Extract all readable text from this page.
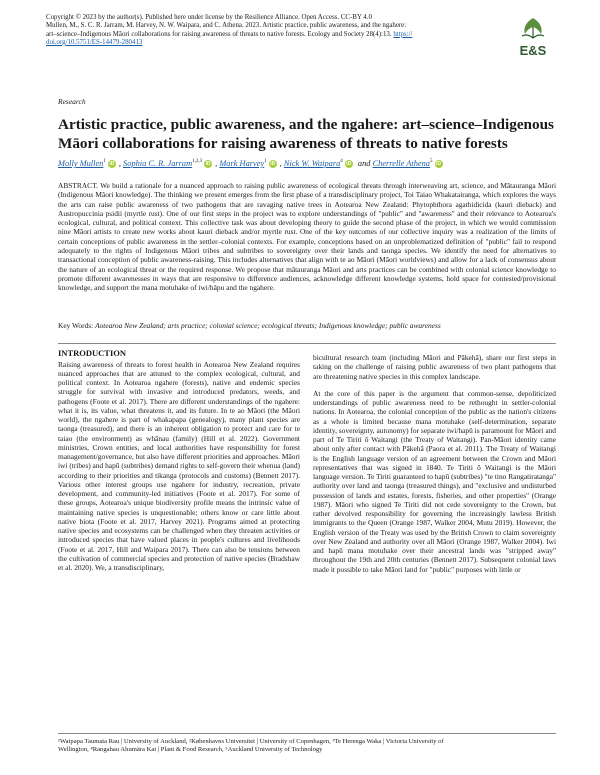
Copyright © 2023 by the author(s). Published here under license by the Resilience Alliance. Open Access. CC-BY 4.0
Mullen, M., S. C. R. Jarram, M. Harvey, N. W. Waipara, and C. Athena. 2023. Artistic practice, public awareness, and the ngahere:
art–science–Indigenous Māori collaborations for raising awareness of threats to native forests. Ecology and Society 28(4):13. https://
doi.org/10.5751/ES-14479-280413
E&S
Research
Artistic practice, public awareness, and the ngahere: art–science–Indigenous Māori collaborations for raising awareness of threats to native forests
Molly Mullen$^1$ iD , Sophia C. R. Jarram$^{1,2,3}$ iD , Mark Harvey$^1$ iD , Nick W. Waipara$^4$ iD and Cherrelle Athena$^5$ iD
ABSTRACT. We build a rationale for a nuanced approach to raising public awareness of ecological threats through interweaving art, science, and Mātauranga Māori (Indigenous Māori knowledge). The thinking we present emerges from the first phase of a transdisciplinary project, Toi Taiao Whakatairanga, which explores the ways the arts can raise public awareness of two pathogens that are ravaging native trees in Aotearoa New Zealand: Phytophthora agathidicida (kauri dieback) and Austropuccinia psidii (myrtle rust). One of our first steps in the project was to explore understandings of "public" and "awareness" and their relevance to Aotearoa's ecological, cultural, and political context. This collective task was about developing theory to guide the second phase of the project, in which we would commission nine Māori artists to create new works about kauri dieback and/or myrtle rust. One of the key outcomes of our collective inquiry was a realization of the limits of certain conceptions of public awareness in the settler–colonial contexts. For example, conceptions based on an unproblematized definition of "public" fail to respond adequately to the rights of Indigenous Māori tribes and subtribes to sovereignty over their lands and taonga species. We identify the need for alternatives to transactional conception of public awareness-raising. This includes alternatives that align with te ao Māori (Māori worldviews) and allow for a lack of consensus about the nature of an ecological threat or the required response. We propose that mātauranga Māori and arts practices can be combined with colonial science knowledge to promote different awarenesses in ways that are responsive to difference audiences, acknowledge different knowledge systems, hold space for contested/provisional knowledge, and support the mana motuhake of iwi/hāpu and the ngahere.
Key Words: Aotearoa New Zealand; arts practice; colonial science; ecological threats; Indigenous knowledge; public awareness
INTRODUCTION

Raising awareness of threats to forest health in Aotearoa New Zealand requires nuanced approaches that are attuned to the complex ecological, cultural, and political context. In Aotearoa ngahere (forests), native and endemic species struggle for survival with invasive and introduced predators, weeds, and pathogens (Foote et al. 2017). There are different understandings of the ngahere: what it is, its value, what threatens it, and its future. In te ao Māori (the Māori world), the ngahere is part of whakapapa (genealogy), many plant species are taonga (treasured), and there is an inherent obligation to protect and care for te taiao (the environment) as whānau (family) (Hill et al. 2022). Government ministries, Crown entities, and local authorities have responsibility for forest management/governance, but also have different priorities and approaches. Māori iwi (tribes) and hapū (subtribes) demand rights to self-govern their whenua (land) according to their priorities and tikanga (protocols and customs) (Bennett 2017). Various other interest groups use ngahere for industry, recreation, private development, and community-led initiatives (Foote et al. 2017). For some of these groups, Aotearoa's unique biodiversity profile means the intrinsic value of maintaining native species is unquestionable; others know or care little about native biota (Foote et al. 2017, Harvey 2021). Programs aimed at protecting native species and ecosystems can be challenged when they threaten activities or introduced species that have valued places in people's cultures and livelihoods (Foote et al. 2017, Hill and Waipara 2017). There can also be tensions between the cultivation of commercial species and protection of native species (Bradshaw et al. 2020). We, a transdisciplinary,

bicultural research team (including Māori and Pākehā), share our first steps in taking on the challenge of raising public awareness of two plant pathogens that are threatening native species in this complex landscape.

At the core of this paper is the argument that common-sense, depoliticized understandings of public awareness need to be rethought in settler-colonial nations. In Aotearoa, the colonial conception of the public as the nation's citizens as a whole is limited because mana motuhake (self-determination, separate identity, sovereignty, autonomy) for separate iwi/hapū is paramount for Māori and part of Te Tiriti ō Waitangi (the Treaty of Waitangi). Pan-Māori identity came about only after contact with Pākehā (Paora et al. 2011). The Treaty of Waitangi is the English language version of an agreement between the Crown and Māori representatives that was signed in 1840. Te Tiriti ō Waitangi is the Māori language version. Te Tiriti guaranteed to hapū (subtribes) "te tino Rangatiratanga" authority over land and taonga (treasured things), and "exclusive and undisturbed possession of lands and estates, forests, fisheries, and other properties" (Orange 1987). Māori who signed Te Tiriti did not cede sovereignty to the Crown, but rather devolved responsibility for governing the increasingly lawless British immigrants to the Queen (Orange 1987, Walker 2004, Mutu 2019). However, the English version of the Treaty was used by the British Crown to claim sovereignty over New Zealand and authority over all Māori (Orange 1987, Walker 2004). Iwi and hapū mana motuhake over their ancestral lands was "stripped away" throughout the 19th and 20th centuries (Bennett 2017). Subsequent colonial laws made it possible to take Māori land for "public" purposes with little or

¹Waipapa Taumata Rau | University of Auckland, ²Københavns Universitet | University of Copenhagen, ³Te Herenga Waka | Victoria University of
Wellington, ⁴Rangahau Ahumāra Kai | Plant & Food Research, ⁵Auckland University of Technology
